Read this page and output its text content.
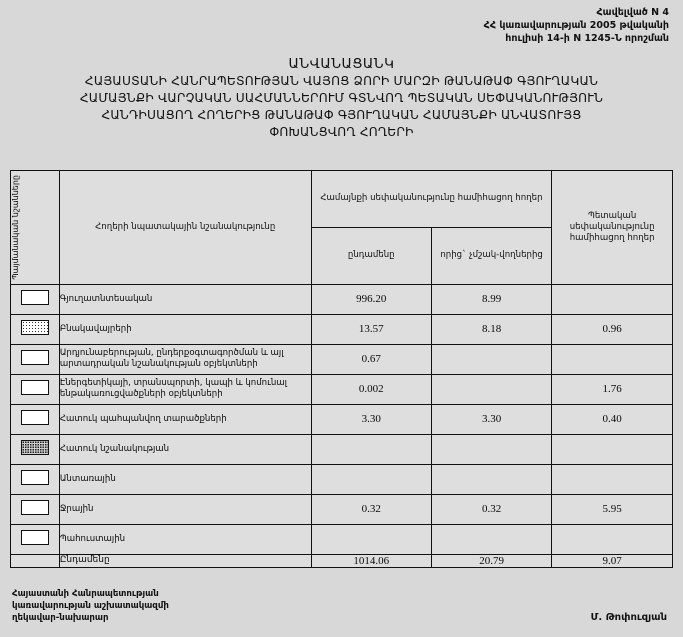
Հավելված N 4
ՀՀ կառավարության 2005 թվականի
հուլիսի 14-ի N 1245-Ն որոշման
ԱՆՎԱՆԱՑԱՆԿ
ՀԱՅԱՍՏԱՆԻ ՀԱՆՐԱՊԵՏՈՒԹՅԱՆ ՎԱՅՈՑ ՁՈՐԻ ՄԱՐԶԻ ԹԱՆԱԹԱՓ ԳՅՈՒՂԱԿԱՆ
ՀԱՄԱՅՆՔԻ ՎԱՐՉԱԿԱՆ ՍԱՀՄԱՆՆԵՐՈՒՄ ԳՏՆՎՈՂ ՊԵՏԱԿԱՆ ՍԵՓԱԿԱՆՈՒԹՅՈՒՆ
ՀԱՆԴԻՍԱՑՈՂ ՀՈՂԵՐԻՑ ԹԱՆԱԹԱՓ ԳՅՈՒՂԱԿԱՆ ՀԱՄԱՅՆՔԻ ԱՆՎԱՏՈՒՅՑ
ՓՈԽԱՆՑՎՈՂ ՀՈՂԵՐԻ
Պայմանական նշանները	Հողերի նպատակային նշանակությունը	Համայնքի սեփականությունը համիհացող հողեր		Պետական սեփականությունը համիհացող հողեր
		ընդամենը	որից` չմշակ-վողներից	

	Գյուղատնտեսական	996.20	8.99	

	Բնակավայրերի	13.57	8.18	0.96

	Արդյունաբերության, ընդերքօգտագործման և այլ արտադրական նշանակության օբյեկտների	0.67		

	Էներգետիկայի, տրանսպորտի, կապի և կոմունալ ենթակառուցվածքների օբյեկտների	0.002		1.76

	Հատուկ պահպանվող տարածքների	3.30	3.30	0.40

	Հատուկ նշանակության			

	Անտառային			

	Ջրային	0.32	0.32	5.95

	Պահուստային			
	Ընդամենը	1014.06	20.79	9.07
Հայաստանի Հանրապետության
կառավարության աշխատակազմի
ղեկավար-նախարար	Մ. Թոփուզյան
